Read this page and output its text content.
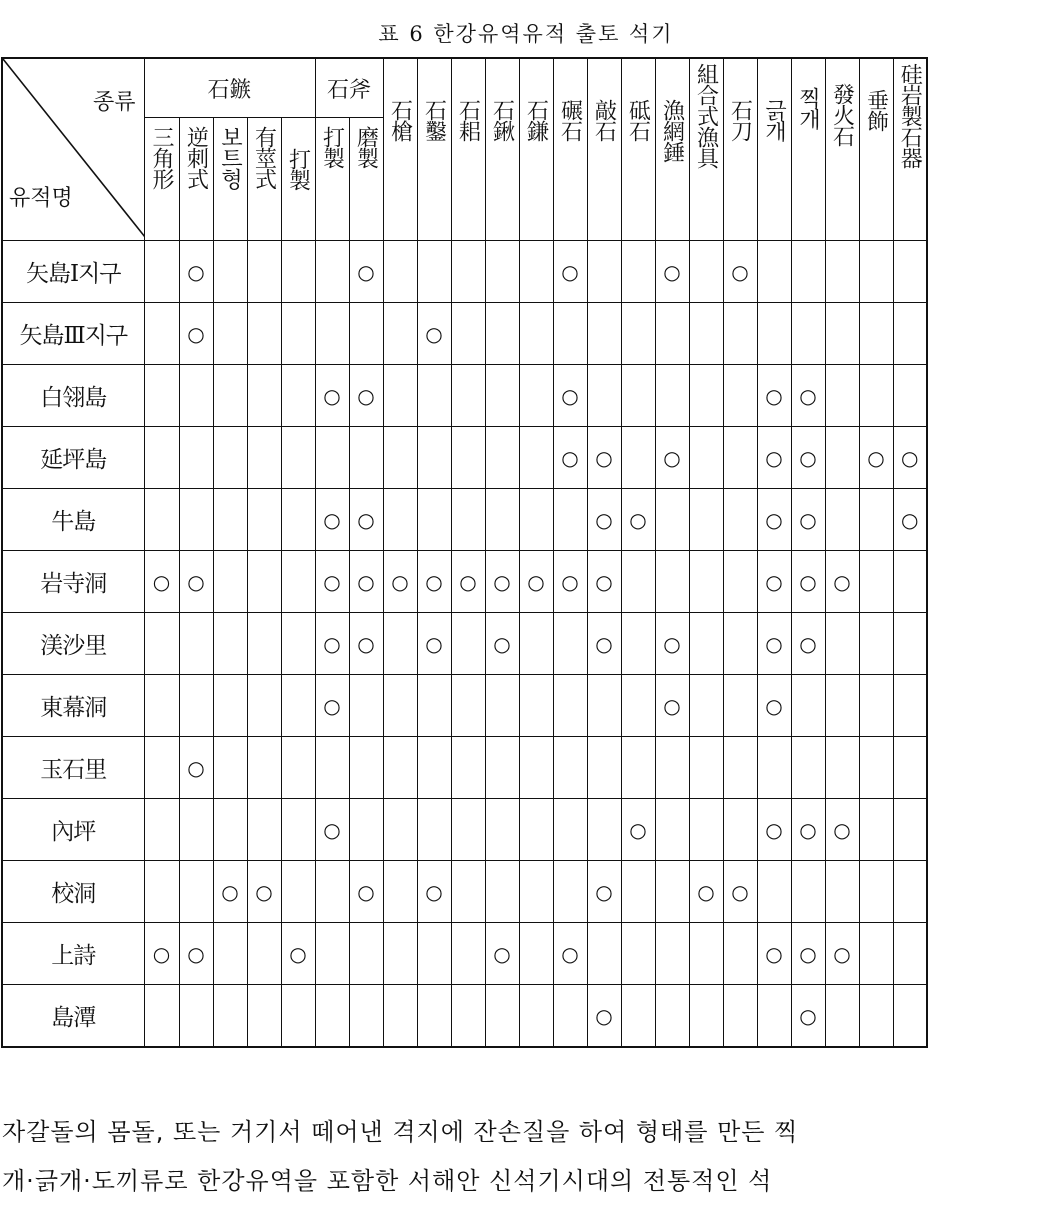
표 6 한강유역유적 출토 석기
종류
유적명	石鏃					石斧		石槍	石鑿	石耜	石鍬	石鎌	碾石	敲石	砥石	漁網錘	組合式漁具	石刀	긁개	찍개	發火石	垂飾	硅岩製石器
	三角形	逆刺式	보트형	有莖式	打製	打製	磨製																
矢島Ⅰ지구		○					○						○			○		○					
矢島Ⅲ지구		○							○														
白翎島						○	○						○						○	○			
延坪島													○	○		○			○	○		○	○
牛島						○	○							○	○				○	○			○
岩寺洞	○	○				○	○	○	○	○	○	○	○	○					○	○	○		
渼沙里						○	○		○		○			○		○			○	○			
東幕洞						○										○			○				
玉石里		○																					
內坪						○									○				○	○	○		
校洞			○	○			○		○					○			○	○					
上詩	○	○			○						○		○						○	○	○		
島潭														○						○			

자갈돌의 몸돌, 또는 거기서 떼어낸 격지에 잔손질을 하여 형태를 만든 찍
개·긁개·도끼류로 한강유역을 포함한 서해안 신석기시대의 전통적인 석
